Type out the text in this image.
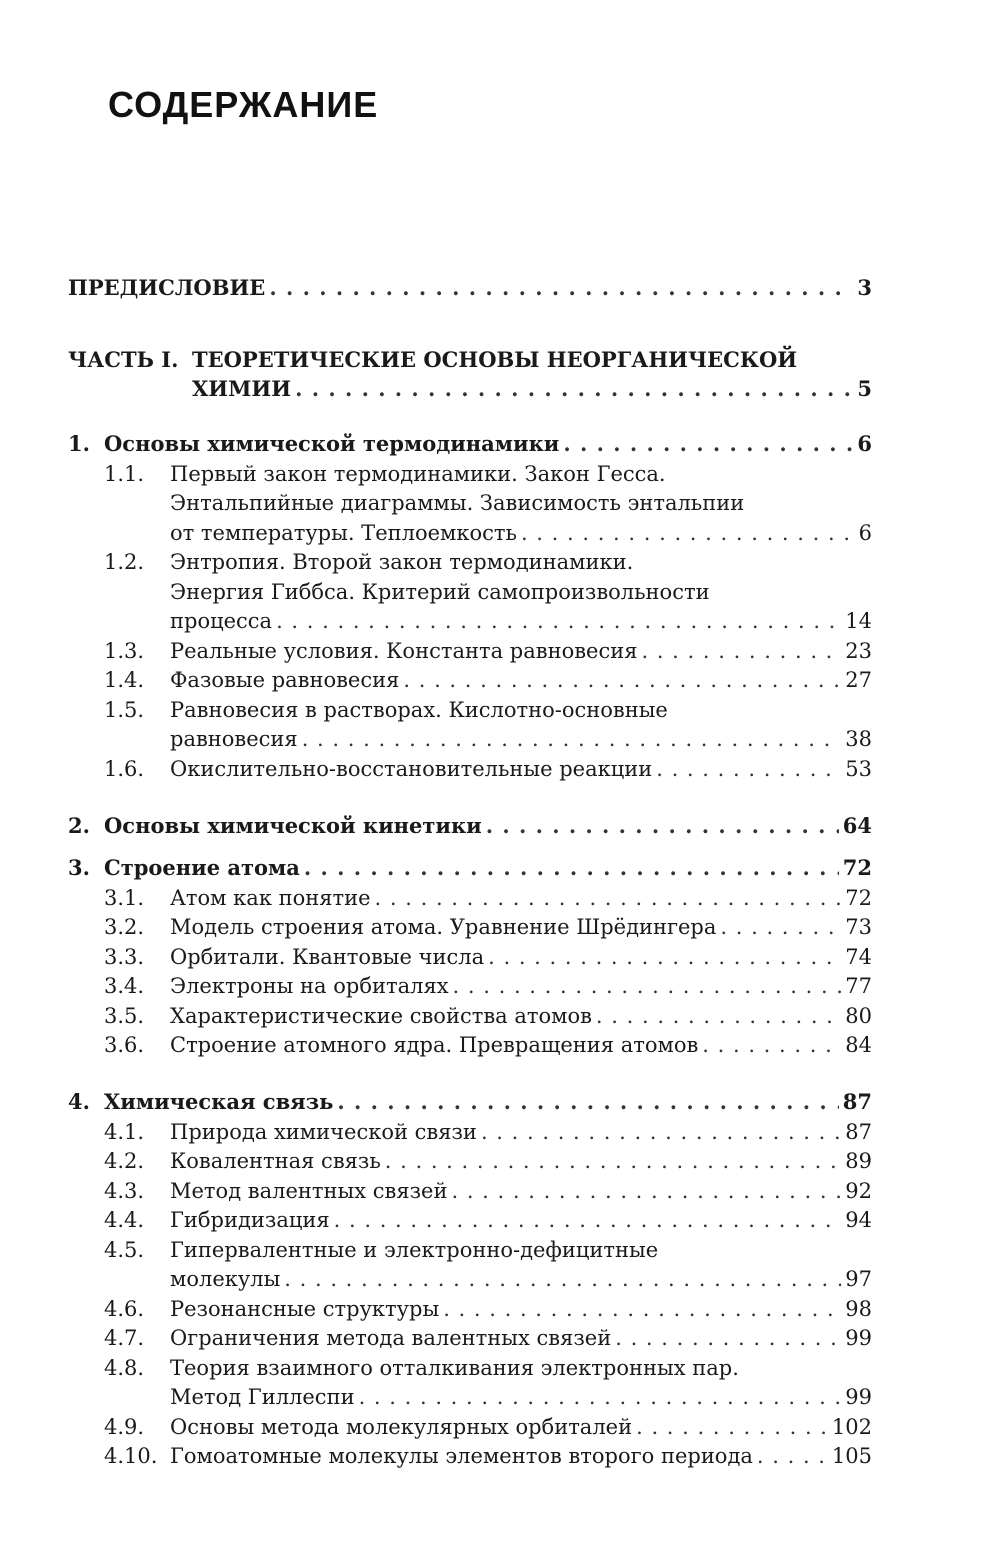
СОДЕРЖАНИЕ
ПРЕДИСЛОВИЕ . . .	3
ЧАСТЬ I. ТЕОРЕТИЧЕСКИЕ ОСНОВЫ НЕОРГАНИЧЕСКОЙ
ХИМИИ . . .	5
1. Основы химической термодинамики . . .	6
1.1. Первый закон термодинамики. Закон Гесса.
Энтальпийные диаграммы. Зависимость энтальпии
от температуры. Теплоемкость . . .	6
1.2. Энтропия. Второй закон термодинамики.
Энергия Гиббса. Критерий самопроизвольности
процесса . . .	14
1.3. Реальные условия. Константа равновесия . . .	23
1.4. Фазовые равновесия . . .	27
1.5. Равновесия в растворах. Кислотно-основные
равновесия . . .	38
1.6. Окислительно-восстановительные реакции . . .	53
2. Основы химической кинетики . . .	64
3. Строение атома . . .	72
3.1. Атом как понятие . . .	72
3.2. Модель строения атома. Уравнение Шрёдингера . . .	73
3.3. Орбитали. Квантовые числа . . .	74
3.4. Электроны на орбиталях . . .	77
3.5. Характеристические свойства атомов . . .	80
3.6. Строение атомного ядра. Превращения атомов . . .	84
4. Химическая связь . . .	87
4.1. Природа химической связи . . .	87
4.2. Ковалентная связь . . .	89
4.3. Метод валентных связей . . .	92
4.4. Гибридизация . . .	94
4.5. Гипервалентные и электронно-дефицитные
молекулы . . .	97
4.6. Резонансные структуры . . .	98
4.7. Ограничения метода валентных связей . . .	99
4.8. Теория взаимного отталкивания электронных пар.
Метод Гиллеспи . . .	99
4.9. Основы метода молекулярных орбиталей . . .	102
4.10. Гомоатомные молекулы элементов второго периода . . .	105
